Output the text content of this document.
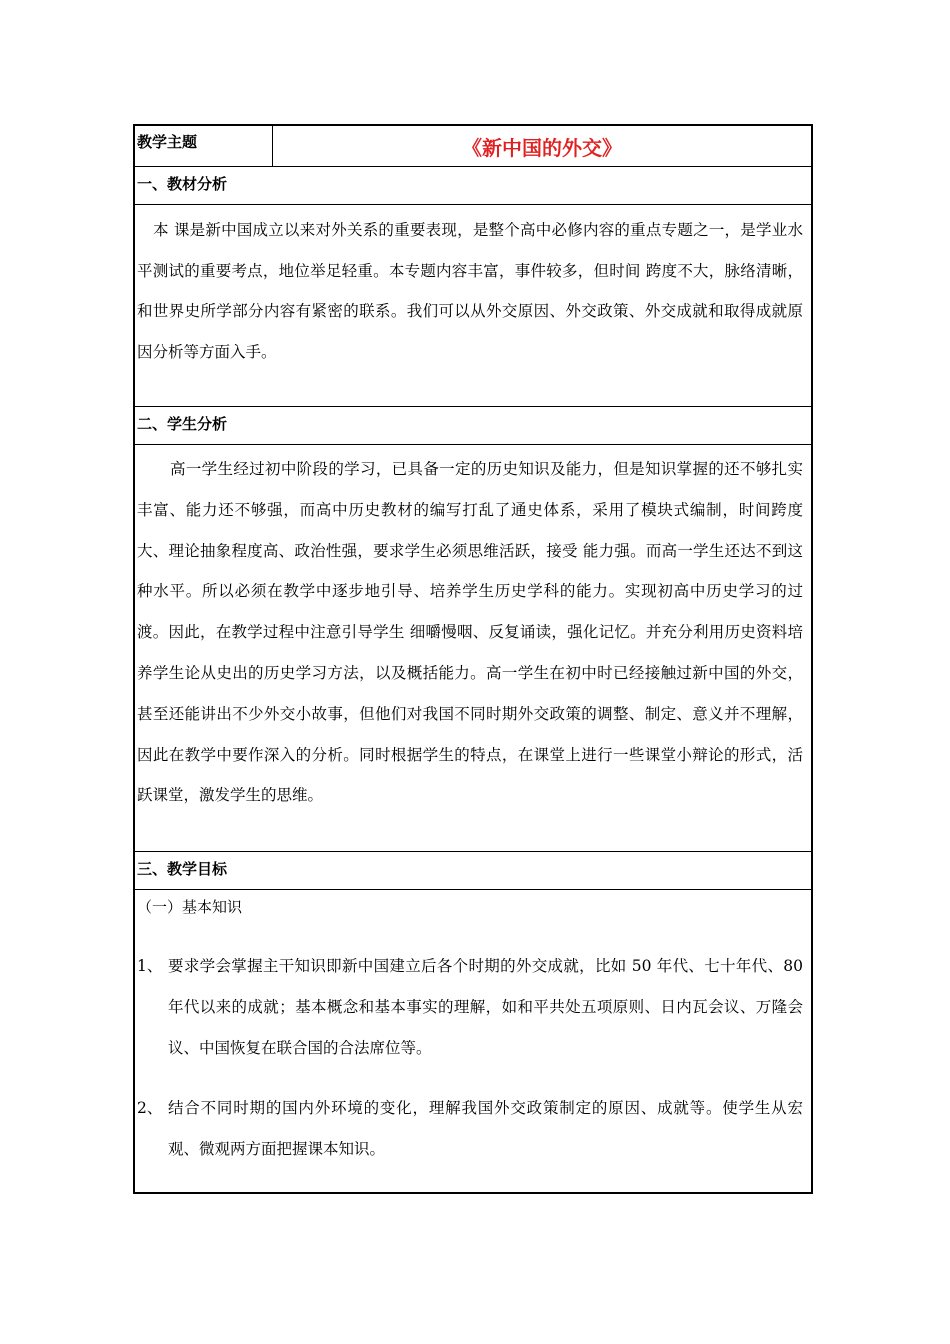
教学主题	《新中国的外交》
一、教材分析
本 课是新中国成立以来对外关系的重要表现，是整个高中必修内容的重点专题之一，是学业水平测试的重要考点，地位举足轻重。本专题内容丰富，事件较多，但时间 跨度不大，脉络清晰，和世界史所学部分内容有紧密的联系。我们可以从外交原因、外交政策、外交成就和取得成就原因分析等方面入手。
二、学生分析
高一学生经过初中阶段的学习，已具备一定的历史知识及能力，但是知识掌握的还不够扎实丰富、能力还不够强，而高中历史教材的编写打乱了通史体系，采用了模块式编制，时间跨度大、理论抽象程度高、政治性强，要求学生必须思维活跃，接受 能力强。而高一学生还达不到这种水平。所以必须在教学中逐步地引导、培养学生历史学科的能力。实现初高中历史学习的过渡。因此，在教学过程中注意引导学生 细嚼慢咽、反复诵读，强化记忆。并充分利用历史资料培养学生论从史出的历史学习方法，以及概括能力。高一学生在初中时已经接触过新中国的外交，甚至还能讲出不少外交小故事，但他们对我国不同时期外交政策的调整、制定、意义并不理解，因此在教学中要作深入的分析。同时根据学生的特点，在课堂上进行一些课堂小辩论的形式，活跃课堂，激发学生的思维。
三、教学目标
（一）基本知识
1、 要求学会掌握主干知识即新中国建立后各个时期的外交成就，比如 50 年代、七十年代、80 年代以来的成就；基本概念和基本事实的理解，如和平共处五项原则、日内瓦会议、万隆会议、中国恢复在联合国的合法席位等。
2、 结合不同时期的国内外环境的变化，理解我国外交政策制定的原因、成就等。使学生从宏观、微观两方面把握课本知识。
